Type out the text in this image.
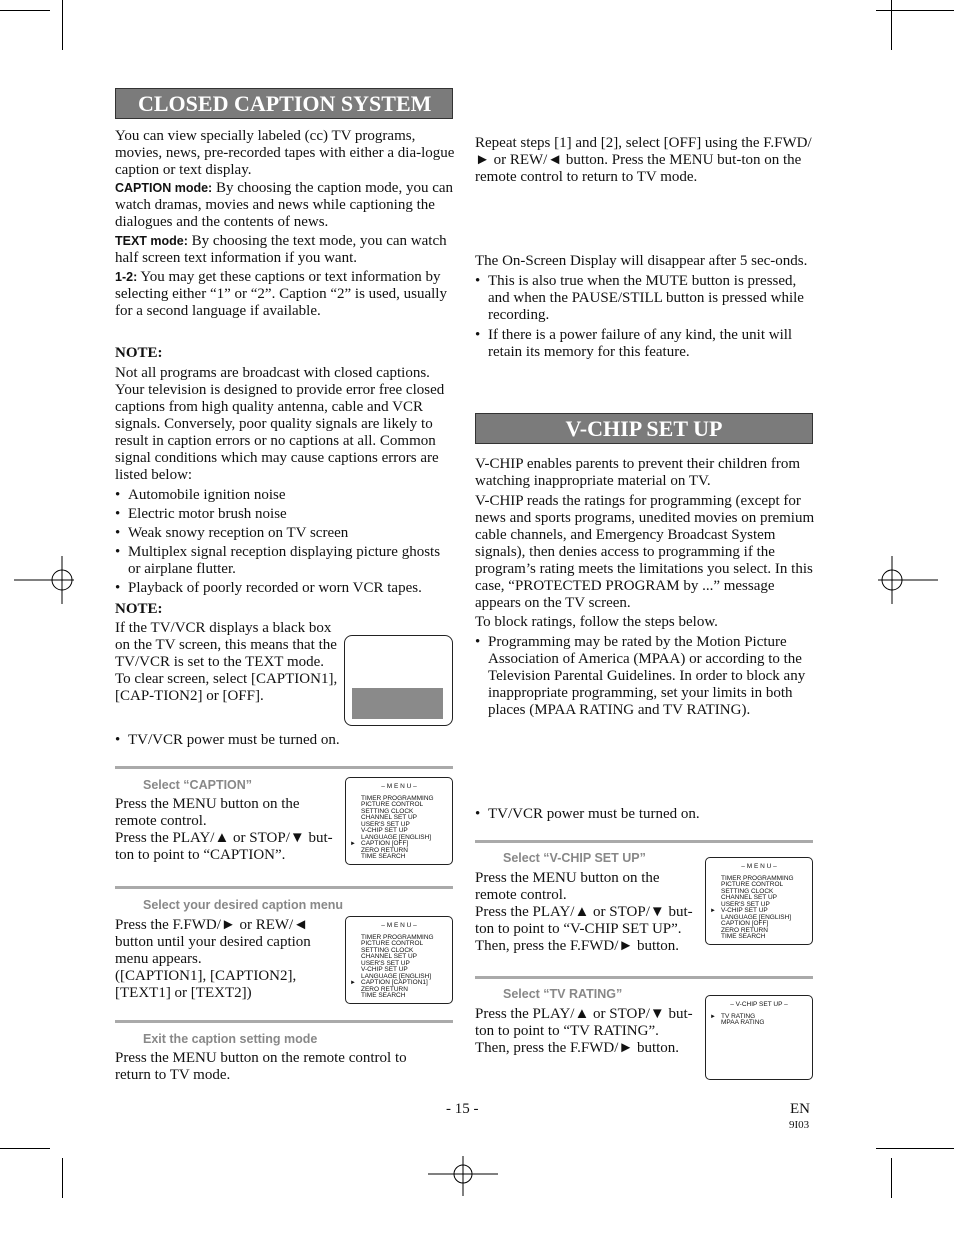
CLOSED CAPTION SYSTEM

You can view specially labeled (cc) TV programs, movies, news, pre-recorded tapes with either a dia-logue caption or text display.

CAPTION mode: By choosing the caption mode, you can watch dramas, movies and news while captioning the dialogues and the contents of news.

TEXT mode: By choosing the text mode, you can watch half screen text information if you want.

1-2: You may get these captions or text information by selecting either “1” or “2”. Caption “2” is used, usually for a second language if available.

NOTE:

Not all programs are broadcast with closed captions. Your television is designed to provide error free closed captions from high quality antenna, cable and VCR signals. Conversely, poor quality signals are likely to result in caption errors or no captions at all. Common signal conditions which may cause captions errors are listed below:

• Automobile ignition noise
• Electric motor brush noise
• Weak snowy reception on TV screen
• Multiplex signal reception displaying picture ghosts or airplane flutter.
• Playback of poorly recorded or worn VCR tapes.

NOTE:

If the TV/VCR displays a black box on the TV screen, this means that the TV/VCR is set to the TEXT mode. To clear screen, select [CAPTION1], [CAP-TION2] or [OFF].

• TV/VCR power must be turned on.
Select “CAPTION”
Press the MENU button on the remote control.
Press the PLAY/▲ or STOP/▼ but-ton to point to “CAPTION”.
– M E N U –
TIMER PROGRAMMING
PICTURE CONTROL
SETTING CLOCK
CHANNEL SET UP
USER'S SET UP
V-CHIP SET UP
LANGUAGE [ENGLISH]
► CAPTION [OFF]
ZERO RETURN
TIME SEARCH
Select your desired caption menu
Press the F.FWD/► or REW/◄ button until your desired caption menu appears.
([CAPTION1], [CAPTION2], [TEXT1] or [TEXT2])
– M E N U –
TIMER PROGRAMMING
PICTURE CONTROL
SETTING CLOCK
CHANNEL SET UP
USER'S SET UP
V-CHIP SET UP
LANGUAGE [ENGLISH]
► CAPTION [CAPTION1]
ZERO RETURN
TIME SEARCH
Exit the caption setting mode
Press the MENU button on the remote control to return to TV mode.
Repeat steps [1] and [2], select [OFF] using the F.FWD/► or REW/◄ button. Press the MENU but-ton on the remote control to return to TV mode.

The On-Screen Display will disappear after 5 sec-onds.

• This is also true when the MUTE button is pressed, and when the PAUSE/STILL button is pressed while recording.
• If there is a power failure of any kind, the unit will retain its memory for this feature.
V-CHIP SET UP

V-CHIP enables parents to prevent their children from watching inappropriate material on TV.

V-CHIP reads the ratings for programming (except for news and sports programs, unedited movies on premium cable channels, and Emergency Broadcast System signals), then denies access to programming if the program’s rating meets the limitations you select. In this case, “PROTECTED PROGRAM by ...” message appears on the TV screen.

To block ratings, follow the steps below.

• Programming may be rated by the Motion Picture Association of America (MPAA) or according to the Television Parental Guidelines. In order to block any inappropriate programming, set your limits in both places (MPAA RATING and TV RATING).
• TV/VCR power must be turned on.
Select “V-CHIP SET UP”
Press the MENU button on the remote control.
Press the PLAY/▲ or STOP/▼ but-ton to point to “V-CHIP SET UP”.
Then, press the F.FWD/► button.
– M E N U –
TIMER PROGRAMMING
PICTURE CONTROL
SETTING CLOCK
CHANNEL SET UP
USER'S SET UP
► V-CHIP SET UP
LANGUAGE [ENGLISH]
CAPTION [OFF]
ZERO RETURN
TIME SEARCH
Select “TV RATING”
Press the PLAY/▲ or STOP/▼ but-ton to point to “TV RATING”.
Then, press the F.FWD/► button.
– V-CHIP SET UP –
► TV RATING
MPAA RATING
- 15 -	EN
9I03
